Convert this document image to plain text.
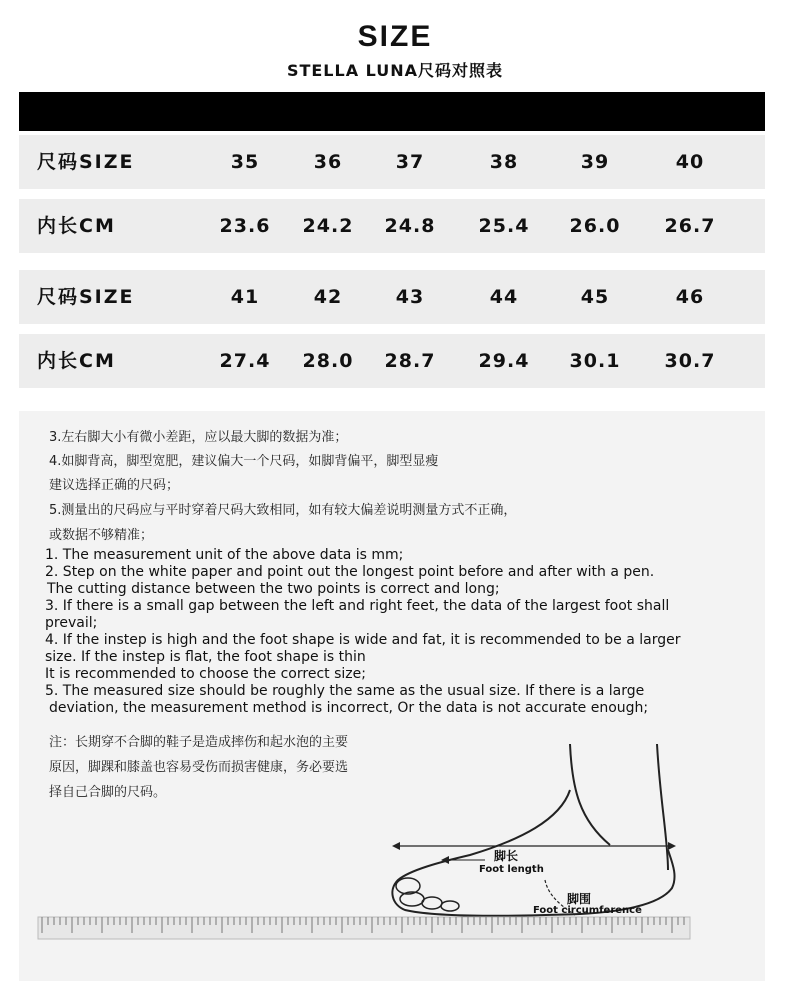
SIZE
STELLA LUNA尺码对照表
尺码SIZE	35	36	37	38	39	40
内长CM	23.6	24.2	24.8	25.4	26.0	26.7
尺码SIZE	41	42	43	44	45	46
内长CM	27.4	28.0	28.7	29.4	30.1	30.7
3.左右脚大小有微小差距，应以最大脚的数据为准；
4.如脚背高，脚型宽肥，建议偏大一个尺码，如脚背偏平，脚型显瘦
建议选择正确的尺码；
5.测量出的尺码应与平时穿着尺码大致相同，如有较大偏差说明测量方式不正确，
或数据不够精准；
1. The measurement unit of the above data is mm;
2. Step on the white paper and point out the longest point before and after with a pen.
The cutting distance between the two points is correct and long;
3. If there is a small gap between the left and right feet, the data of the largest foot shall
prevail;
4. If the instep is high and the foot shape is wide and fat, it is recommended to be a larger
size. If the instep is flat, the foot shape is thin
It is recommended to choose the correct size;
5. The measured size should be roughly the same as the usual size. If there is a large
deviation, the measurement method is incorrect, Or the data is not accurate enough;
注：长期穿不合脚的鞋子是造成摔伤和起水泡的主要
原因，脚踝和膝盖也容易受伤而损害健康，务必要选
择自己合脚的尺码。
脚长
Foot length
脚围
Foot circumference
